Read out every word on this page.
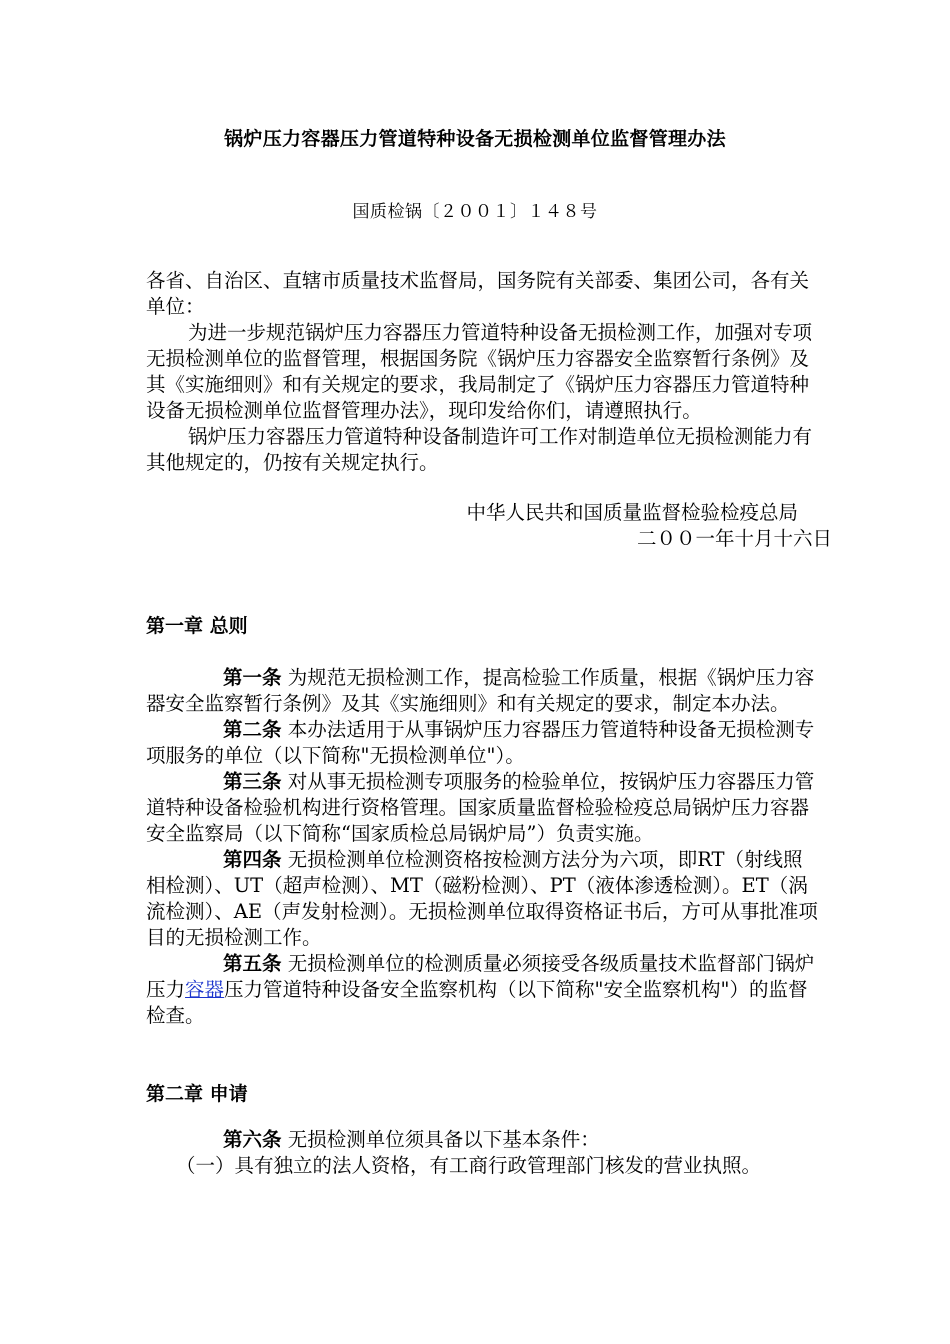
锅炉压力容器压力管道特种设备无损检测单位监督管理办法
国质检锅〔２００１〕１４８号

各省、自治区、直辖市质量技术监督局，国务院有关部委、集团公司，各有关单位：

为进一步规范锅炉压力容器压力管道特种设备无损检测工作，加强对专项无损检测单位的监督管理，根据国务院《锅炉压力容器安全监察暂行条例》及其《实施细则》和有关规定的要求，我局制定了《锅炉压力容器压力管道特种设备无损检测单位监督管理办法》，现印发给你们，请遵照执行。

锅炉压力容器压力管道特种设备制造许可工作对制造单位无损检测能力有其他规定的，仍按有关规定执行。

中华人民共和国质量监督检验检疫总局

二００一年十月十六日

第一章 总则

第一条 为规范无损检测工作，提高检验工作质量，根据《锅炉压力容器安全监察暂行条例》及其《实施细则》和有关规定的要求，制定本办法。

第二条 本办法适用于从事锅炉压力容器压力管道特种设备无损检测专项服务的单位（以下简称"无损检测单位"）。

第三条 对从事无损检测专项服务的检验单位，按锅炉压力容器压力管道特种设备检验机构进行资格管理。国家质量监督检验检疫总局锅炉压力容器安全监察局（以下简称“国家质检总局锅炉局”）负责实施。

第四条 无损检测单位检测资格按检测方法分为六项，即RT（射线照相检测）、UT（超声检测）、MT（磁粉检测）、PT（液体渗透检测）。ET（涡流检测）、AE（声发射检测）。无损检测单位取得资格证书后，方可从事批准项目的无损检测工作。

第五条 无损检测单位的检测质量必须接受各级质量技术监督部门锅炉压力容器压力管道特种设备安全监察机构（以下简称"安全监察机构"）的监督检查。

第二章 申请

第六条 无损检测单位须具备以下基本条件：

（一）具有独立的法人资格，有工商行政管理部门核发的营业执照。
